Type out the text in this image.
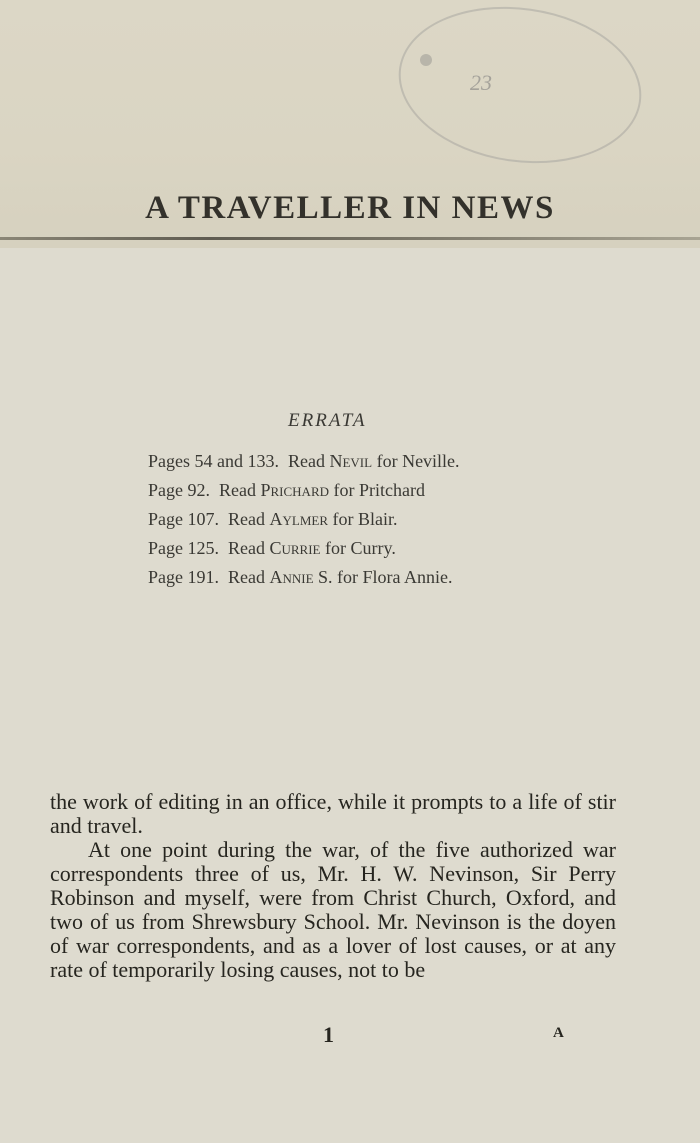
23
A TRAVELLER IN NEWS
ERRATA
Pages 54 and 133. Read Nevil for Neville.
Page 92. Read Prichard for Pritchard
Page 107. Read Aylmer for Blair.
Page 125. Read Currie for Curry.
Page 191. Read Annie S. for Flora Annie.

the work of editing in an office, while it prompts to a life of stir and travel.

At one point during the war, of the five authorized war correspondents three of us, Mr. H. W. Nevinson, Sir Perry Robinson and myself, were from Christ Church, Oxford, and two of us from Shrewsbury School. Mr. Nevinson is the doyen of war correspondents, and as a lover of lost causes, or at any rate of temporarily losing causes, not to be

1	A
